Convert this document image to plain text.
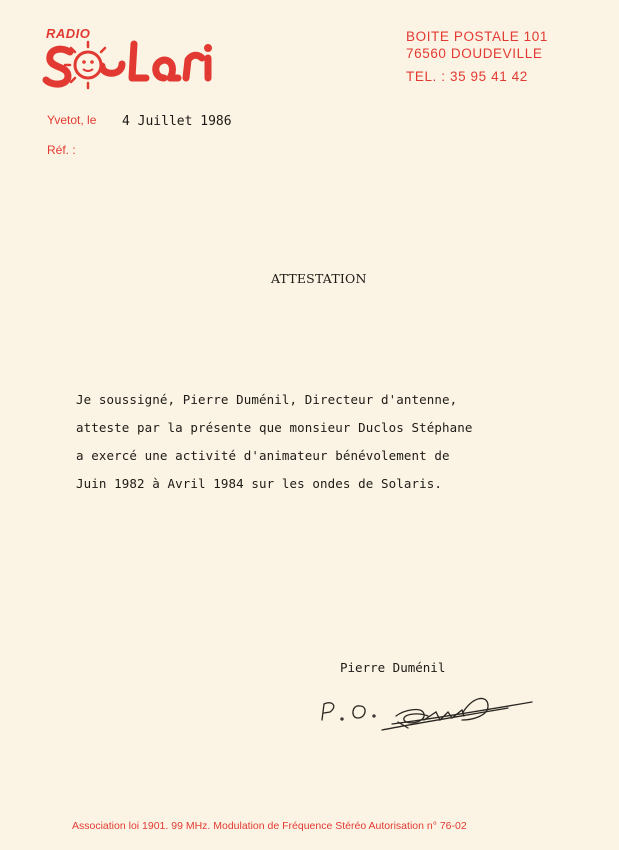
RADIO	BOITE POSTALE 101
76560 DOUDEVILLE
TEL. : 35 95 41 42
Yvetot, le 4 Juillet 1986
Réf. :
ATTESTATION
Je soussigné, Pierre Duménil, Directeur d'antenne,
atteste par la présente que monsieur Duclos Stéphane
a exercé une activité d'animateur bénévolement de
Juin 1982 à Avril 1984 sur les ondes de Solaris.
Pierre Duménil
Association loi 1901. 99 MHz. Modulation de Fréquence Stéréo Autorisation n° 76-02
